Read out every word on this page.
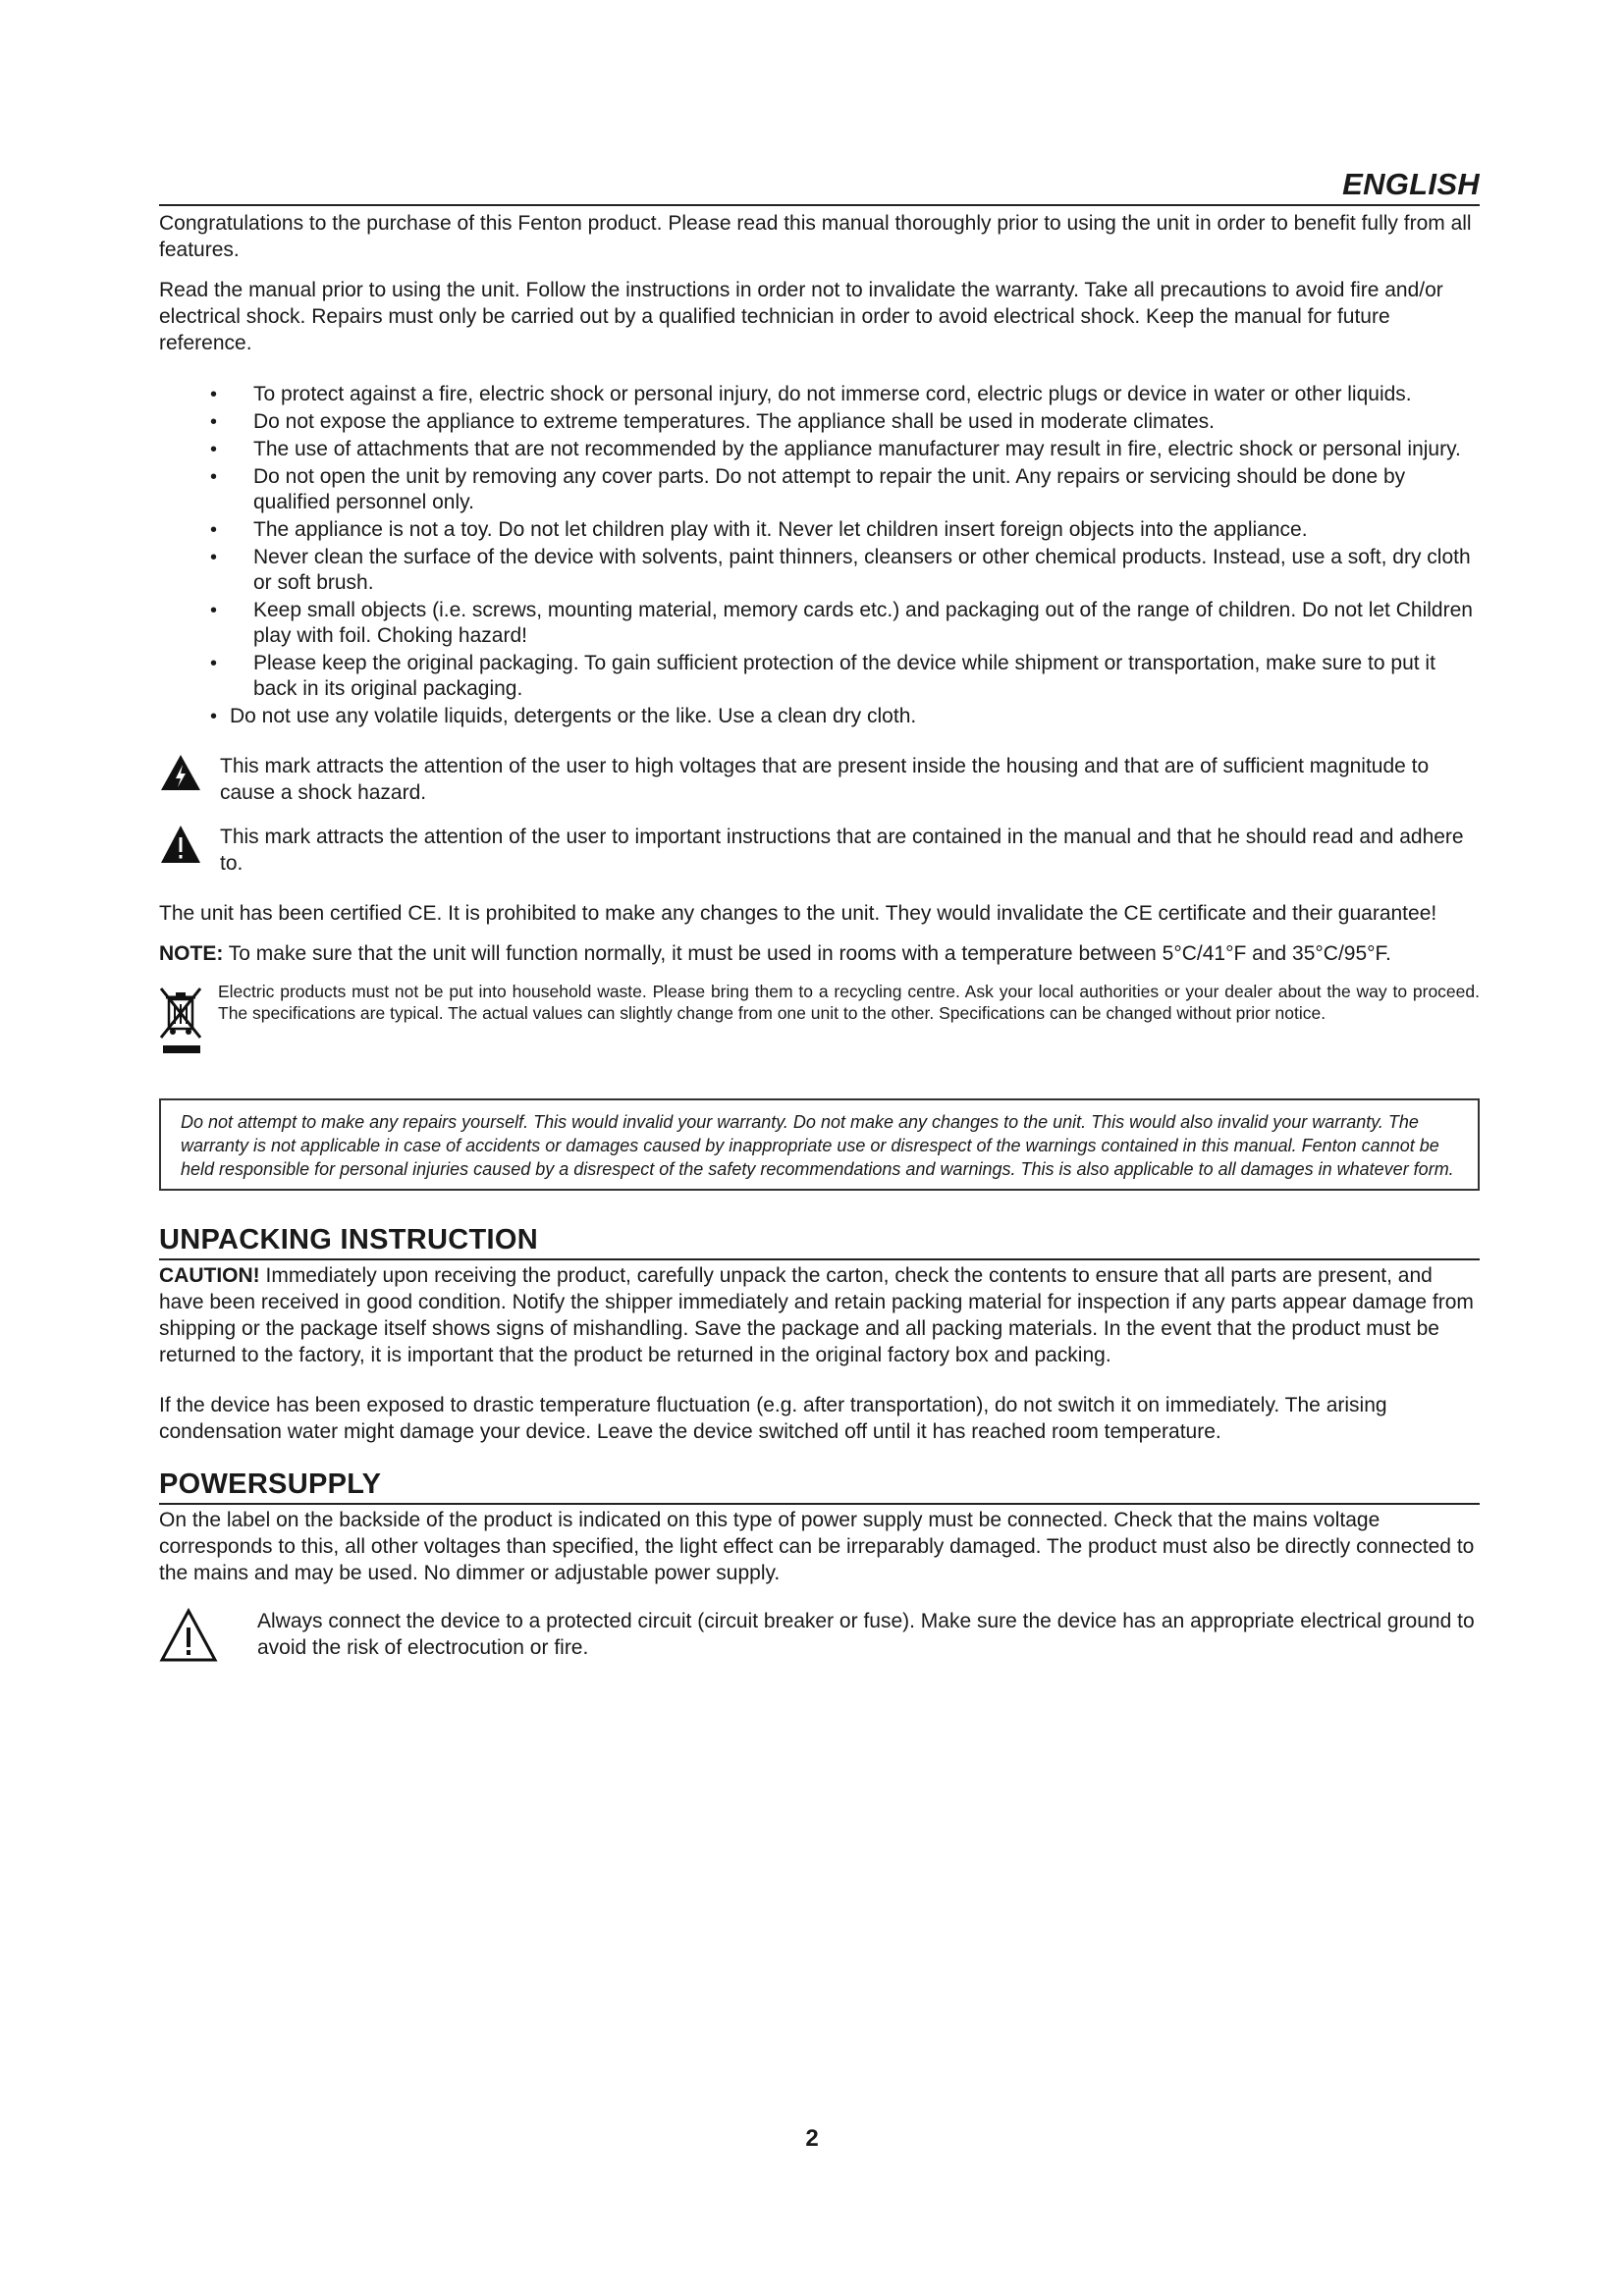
ENGLISH

Congratulations to the purchase of this Fenton product. Please read this manual thoroughly prior to using the unit in order to benefit fully from all features.

Read the manual prior to using the unit. Follow the instructions in order not to invalidate the warranty. Take all precautions to avoid fire and/or electrical shock. Repairs must only be carried out by a qualified technician in order to avoid electrical shock. Keep the manual for future reference.

• To protect against a fire, electric shock or personal injury, do not immerse cord, electric plugs or device in water or other liquids.
• Do not expose the appliance to extreme temperatures. The appliance shall be used in moderate climates.
• The use of attachments that are not recommended by the appliance manufacturer may result in fire, electric shock or personal injury.
• Do not open the unit by removing any cover parts. Do not attempt to repair the unit. Any repairs or servicing should be done by qualified personnel only.
• The appliance is not a toy. Do not let children play with it. Never let children insert foreign objects into the appliance.
• Never clean the surface of the device with solvents, paint thinners, cleansers or other chemical products. Instead, use a soft, dry cloth or soft brush.
• Keep small objects (i.e. screws, mounting material, memory cards etc.) and packaging out of the range of children. Do not let Children play with foil. Choking hazard!
• Please keep the original packaging. To gain sufficient protection of the device while shipment or transportation, make sure to put it back in its original packaging.
• Do not use any volatile liquids, detergents or the like. Use a clean dry cloth.

This mark attracts the attention of the user to high voltages that are present inside the housing and that are of sufficient magnitude to cause a shock hazard.

This mark attracts the attention of the user to important instructions that are contained in the manual and that he should read and adhere to.

The unit has been certified CE. It is prohibited to make any changes to the unit. They would invalidate the CE certificate and their guarantee!

NOTE: To make sure that the unit will function normally, it must be used in rooms with a temperature between 5°C/41°F and 35°C/95°F.

Electric products must not be put into household waste. Please bring them to a recycling centre. Ask your local authorities or your dealer about the way to proceed. The specifications are typical. The actual values can slightly change from one unit to the other. Specifications can be changed without prior notice.

Do not attempt to make any repairs yourself. This would invalid your warranty. Do not make any changes to the unit. This would also invalid your warranty. The warranty is not applicable in case of accidents or damages caused by inappropriate use or disrespect of the warnings contained in this manual. Fenton cannot be held responsible for personal injuries caused by a disrespect of the safety recommendations and warnings. This is also applicable to all damages in whatever form.

UNPACKING INSTRUCTION

CAUTION! Immediately upon receiving the product, carefully unpack the carton, check the contents to ensure that all parts are present, and have been received in good condition. Notify the shipper immediately and retain packing material for inspection if any parts appear damage from shipping or the package itself shows signs of mishandling. Save the package and all packing materials. In the event that the product must be returned to the factory, it is important that the product be returned in the original factory box and packing.

If the device has been exposed to drastic temperature fluctuation (e.g. after transportation), do not switch it on immediately. The arising condensation water might damage your device. Leave the device switched off until it has reached room temperature.

POWERSUPPLY

On the label on the backside of the product is indicated on this type of power supply must be connected. Check that the mains voltage corresponds to this, all other voltages than specified, the light effect can be irreparably damaged. The product must also be directly connected to the mains and may be used. No dimmer or adjustable power supply.

Always connect the device to a protected circuit (circuit breaker or fuse). Make sure the device has an appropriate electrical ground to avoid the risk of electrocution or fire.

2
